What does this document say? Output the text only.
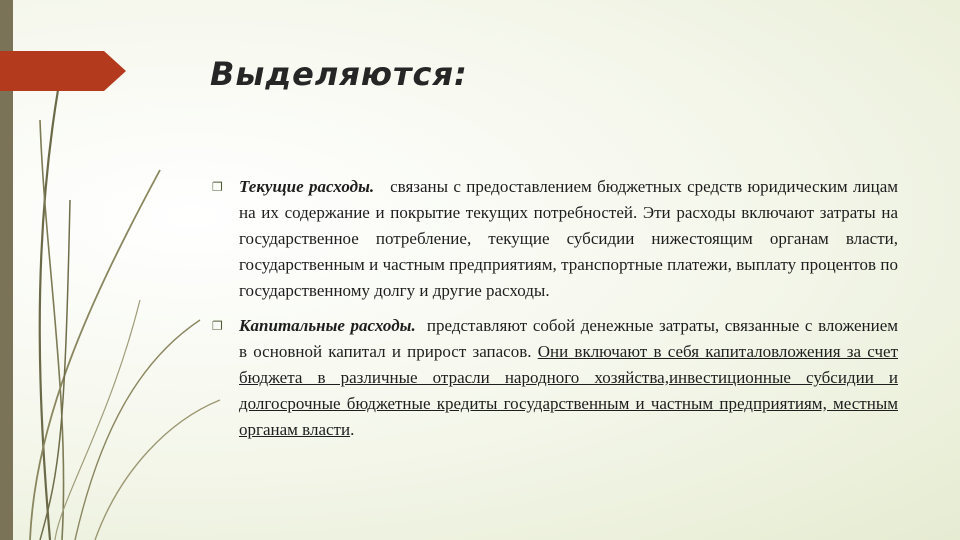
Выделяются:
❐ Текущие расходы. связаны с предоставлением бюджетных средств юридическим лицам на их содержание и покрытие текущих потребностей. Эти расходы включают затраты на государственное потребление, текущие субсидии нижестоящим органам власти, государственным и частным предприятиям, транспортные платежи, выплату процентов по государственному долгу и другие расходы.
❐ Капитальные расходы. представляют собой денежные затраты, связанные с вложением в основной капитал и прирост запасов. Они включают в себя капиталовложения за счет бюджета в различные отрасли народного хозяйства,инвестиционные субсидии и долгосрочные бюджетные кредиты государственным и частным предприятиям, местным органам власти.
